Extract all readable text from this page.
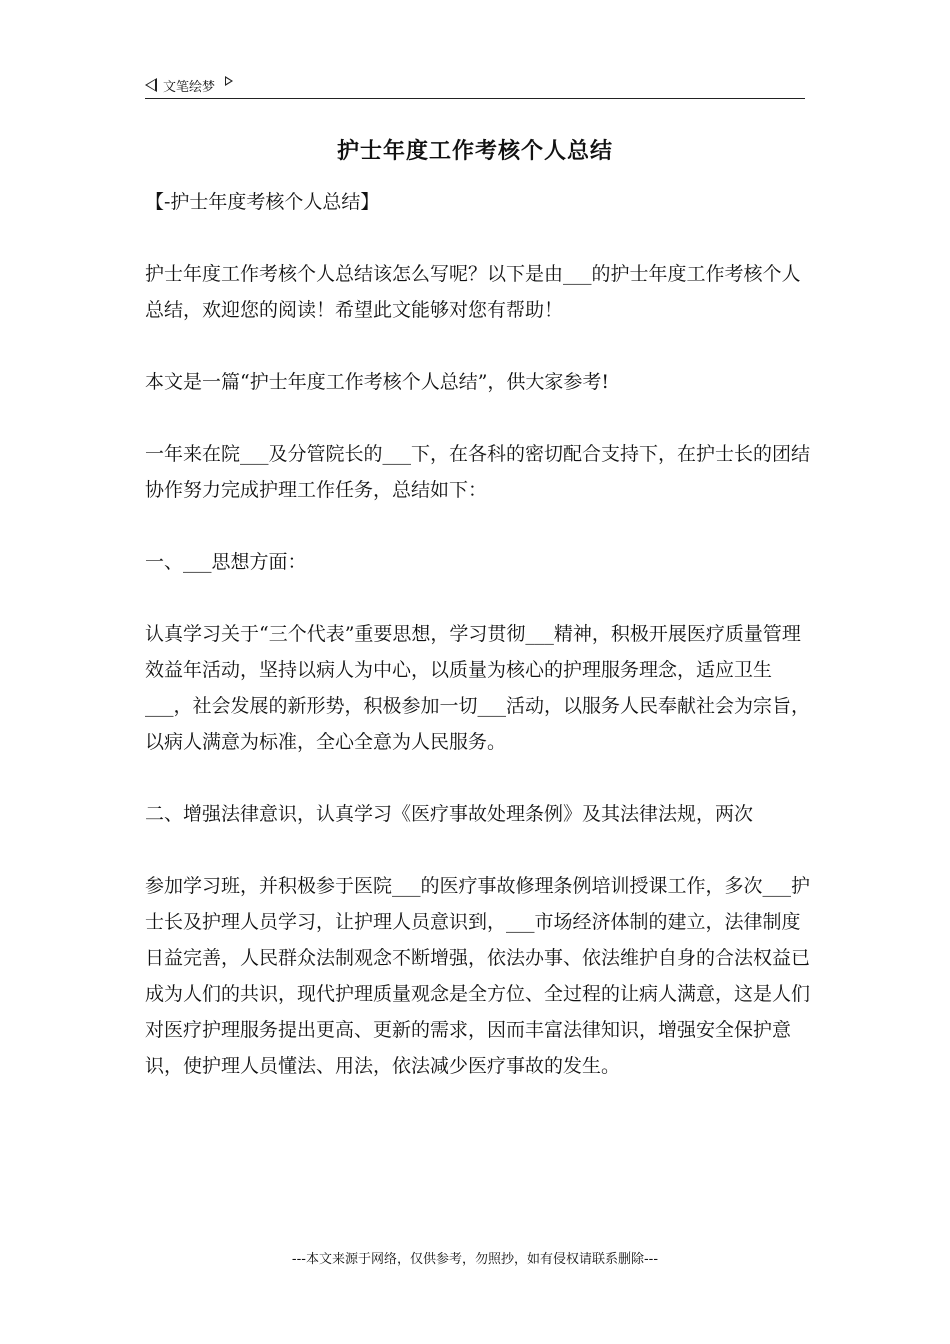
文笔绘梦
护士年度工作考核个人总结

【-护士年度考核个人总结】

护士年度工作考核个人总结该怎么写呢？以下是由___的护士年度工作考核个人总结，欢迎您的阅读！希望此文能够对您有帮助！

本文是一篇“护士年度工作考核个人总结”，供大家参考!

一年来在院___及分管院长的___下，在各科的密切配合支持下，在护士长的团结协作努力完成护理工作任务，总结如下：

一、___思想方面：

认真学习关于“三个代表”重要思想，学习贯彻___精神，积极开展医疗质量管理效益年活动，坚持以病人为中心，以质量为核心的护理服务理念，适应卫生___，社会发展的新形势，积极参加一切___活动，以服务人民奉献社会为宗旨，以病人满意为标准，全心全意为人民服务。

二、增强法律意识，认真学习《医疗事故处理条例》及其法律法规，两次

参加学习班，并积极参于医院___的医疗事故修理条例培训授课工作，多次___护士长及护理人员学习，让护理人员意识到，___市场经济体制的建立，法律制度日益完善，人民群众法制观念不断增强，依法办事、依法维护自身的合法权益已成为人们的共识，现代护理质量观念是全方位、全过程的让病人满意，这是人们对医疗护理服务提出更高、更新的需求，因而丰富法律知识，增强安全保护意识，使护理人员懂法、用法，依法减少医疗事故的发生。

---本文来源于网络，仅供参考，勿照抄，如有侵权请联系删除---
